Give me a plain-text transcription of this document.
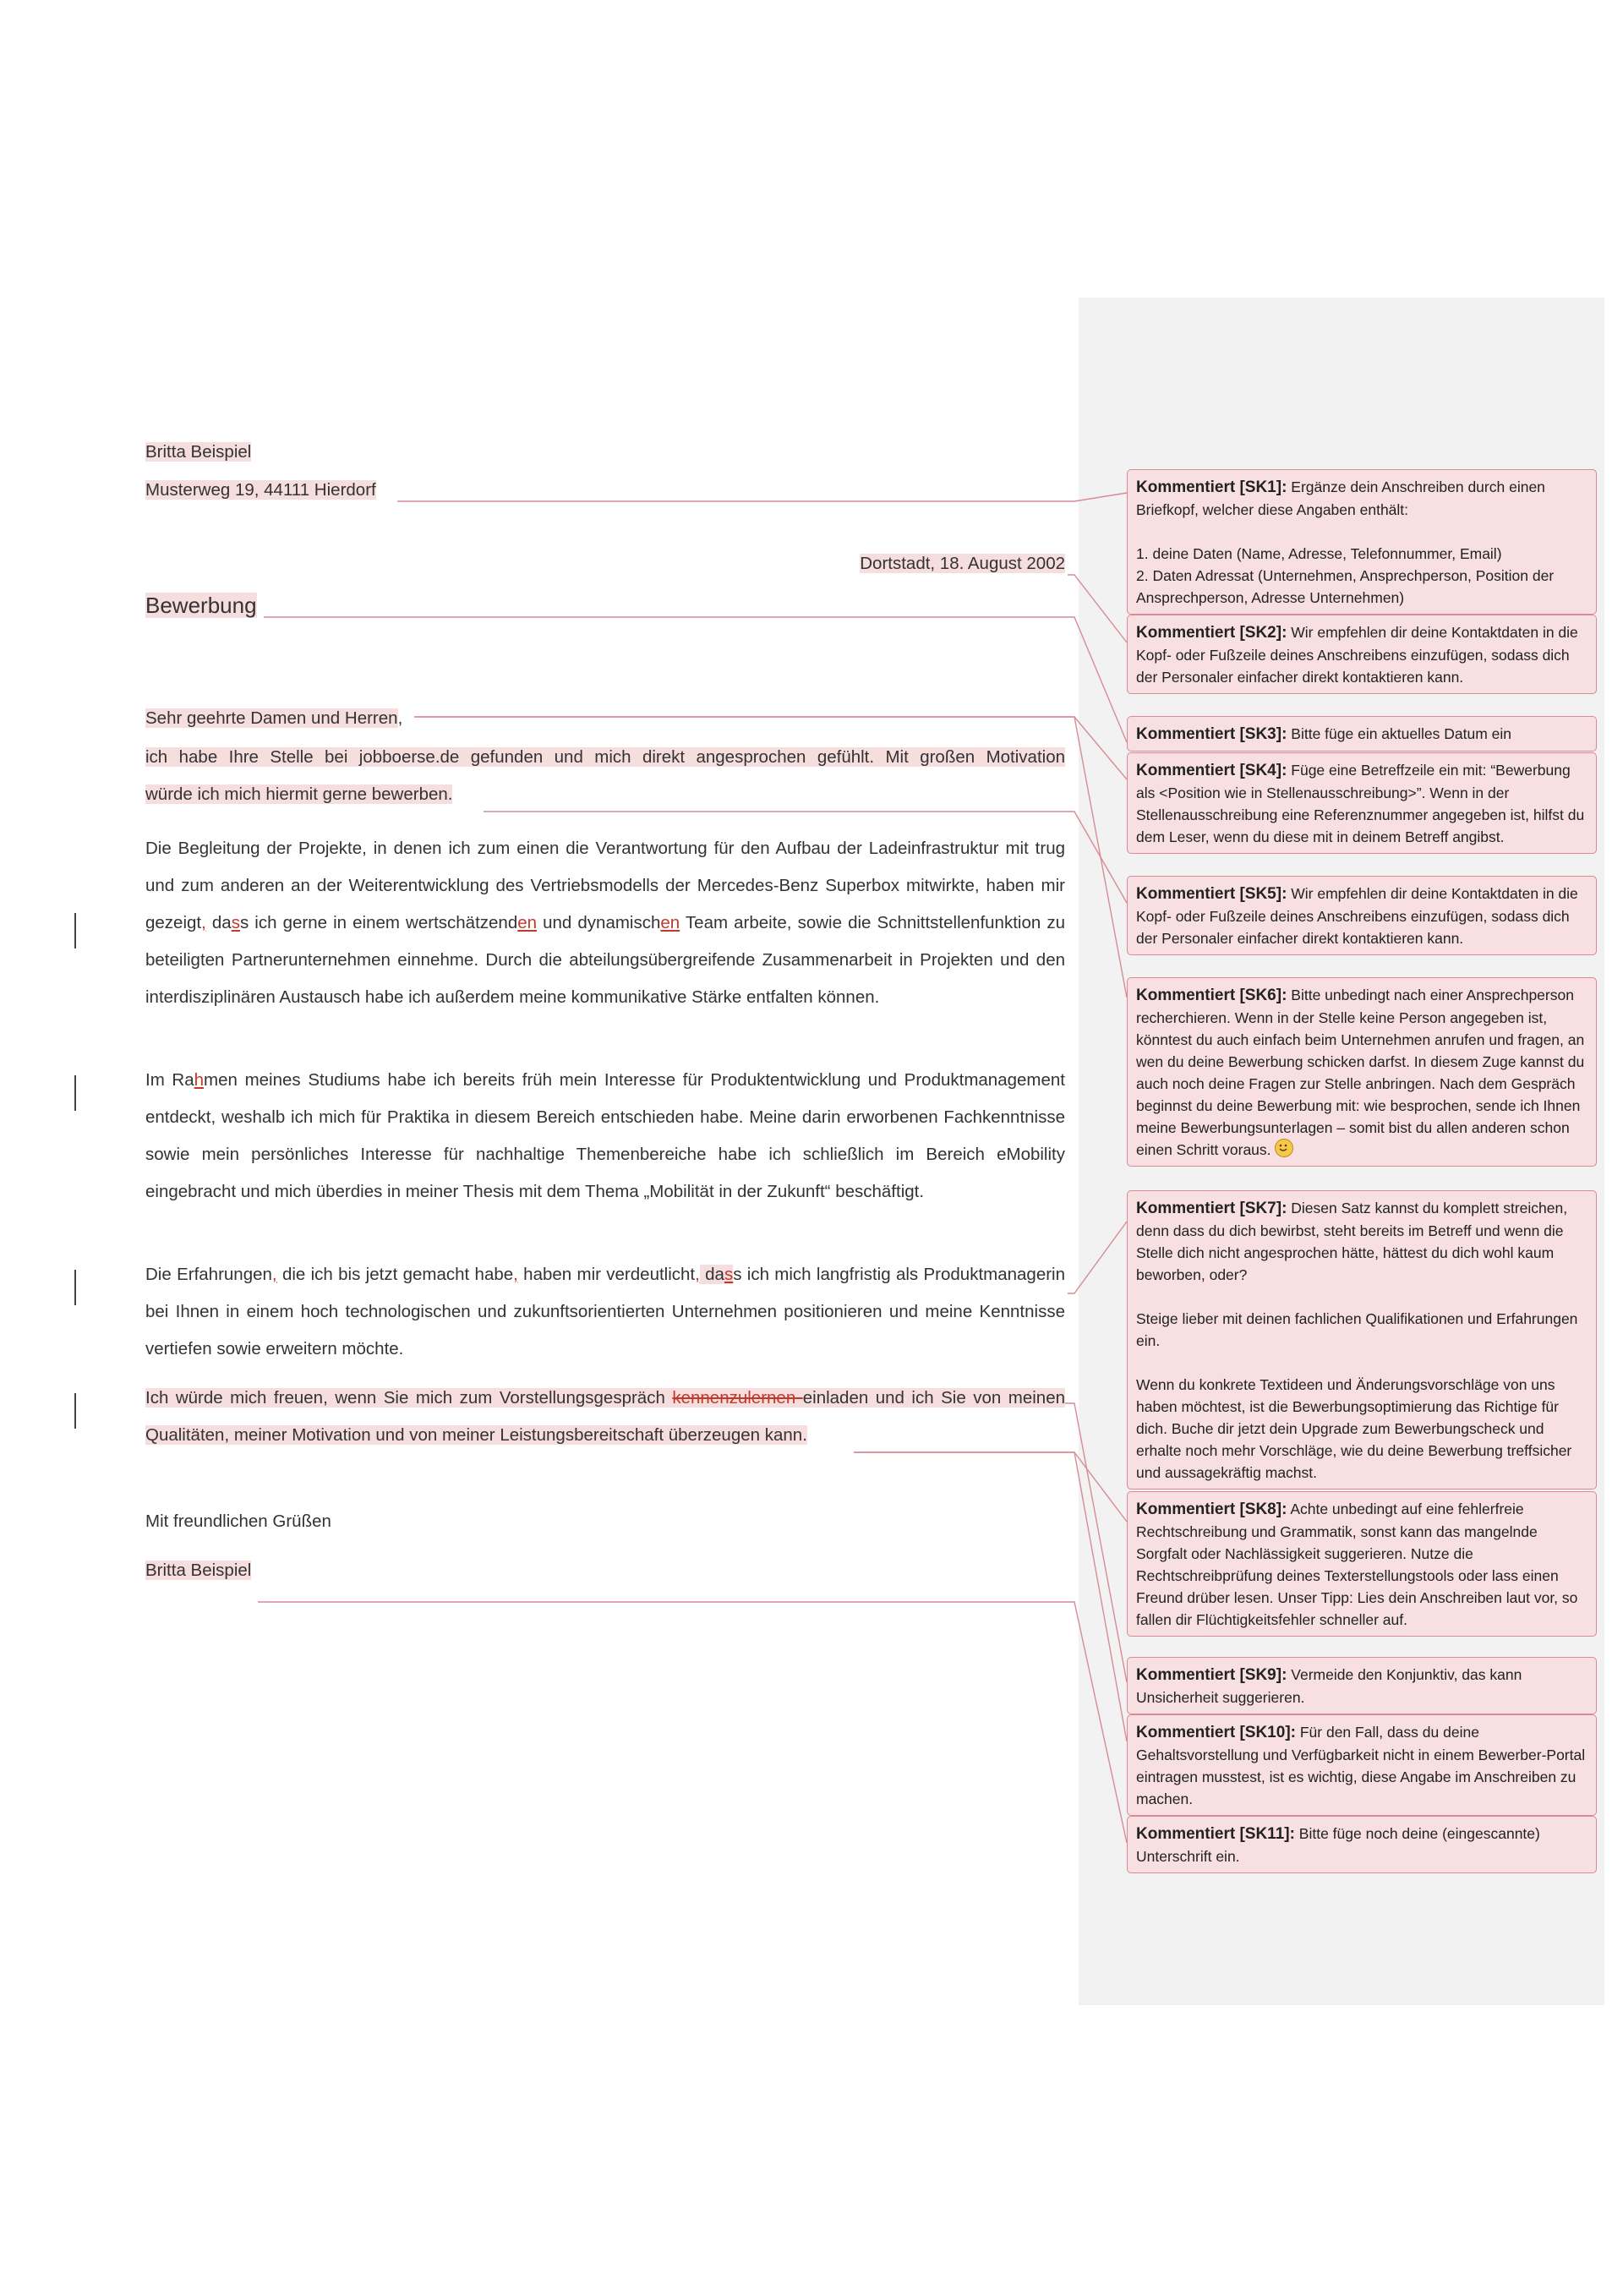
Britta Beispiel
Musterweg 19, 44111 Hierdorf
Dortstadt, 18. August 2002
Bewerbung
Sehr geehrte Damen und Herren,

ich habe Ihre Stelle bei jobboerse.de gefunden und mich direkt angesprochen gefühlt. Mit großen Motivation

würde ich mich hiermit gerne bewerben.

Die Begleitung der Projekte, in denen ich zum einen die Verantwortung für den Aufbau der Ladeinfrastruktur mit trug und zum anderen an der Weiterentwicklung des Vertriebsmodells der Mercedes-Benz Superbox mitwirkte, haben mir gezeigt, dass ich gerne in einem wertschätzenden und dynamischen Team arbeite, sowie die Schnittstellenfunktion zu beteiligten Partnerunternehmen einnehme. Durch die abteilungsübergreifende Zusammenarbeit in Projekten und den interdisziplinären Austausch habe ich außerdem meine kommunikative Stärke entfalten können.

Im Rahmen meines Studiums habe ich bereits früh mein Interesse für Produktentwicklung und Produktmanagement entdeckt, weshalb ich mich für Praktika in diesem Bereich entschieden habe. Meine darin erworbenen Fachkenntnisse sowie mein persönliches Interesse für nachhaltige Themenbereiche habe ich schließlich im Bereich eMobility eingebracht und mich überdies in meiner Thesis mit dem Thema „Mobilität in der Zukunft“ beschäftigt.

Die Erfahrungen, die ich bis jetzt gemacht habe, haben mir verdeutlicht, dass ich mich langfristig als Produktmanagerin bei Ihnen in einem hoch technologischen und zukunftsorientierten Unternehmen positionieren und meine Kenntnisse vertiefen sowie erweitern möchte.

Ich würde mich freuen, wenn Sie mich zum Vorstellungsgespräch kennenzulernen einladen und ich Sie von meinen Qualitäten, meiner Motivation und von meiner Leistungsbereitschaft überzeugen kann.

Mit freundlichen Grüßen
Britta Beispiel
Kommentiert [SK1]: Ergänze dein Anschreiben durch einen Briefkopf, welcher diese Angaben enthält:
1. deine Daten (Name, Adresse, Telefonnummer, Email)
2. Daten Adressat (Unternehmen, Ansprechperson, Position der Ansprechperson, Adresse Unternehmen)
Kommentiert [SK2]: Wir empfehlen dir deine Kontaktdaten in die Kopf- oder Fußzeile deines Anschreibens einzufügen, sodass dich der Personaler einfacher direkt kontaktieren kann.
Kommentiert [SK3]: Bitte füge ein aktuelles Datum ein
Kommentiert [SK4]: Füge eine Betreffzeile ein mit: “Bewerbung als <Position wie in Stellenausschreibung>”. Wenn in der Stellenausschreibung eine Referenznummer angegeben ist, hilfst du dem Leser, wenn du diese mit in deinem Betreff angibst.
Kommentiert [SK5]: Wir empfehlen dir deine Kontaktdaten in die Kopf- oder Fußzeile deines Anschreibens einzufügen, sodass dich der Personaler einfacher direkt kontaktieren kann.
Kommentiert [SK6]: Bitte unbedingt nach einer Ansprechperson recherchieren. Wenn in der Stelle keine Person angegeben ist, könntest du auch einfach beim Unternehmen anrufen und fragen, an wen du deine Bewerbung schicken darfst. In diesem Zuge kannst du auch noch deine Fragen zur Stelle anbringen. Nach dem Gespräch beginnst du deine Bewerbung mit: wie besprochen, sende ich Ihnen meine Bewerbungsunterlagen – somit bist du allen anderen schon einen Schritt voraus.
Kommentiert [SK7]: Diesen Satz kannst du komplett streichen, denn dass du dich bewirbst, steht bereits im Betreff und wenn die Stelle dich nicht angesprochen hätte, hättest du dich wohl kaum beworben, oder?
Steige lieber mit deinen fachlichen Qualifikationen und Erfahrungen ein.
Wenn du konkrete Textideen und Änderungsvorschläge von uns haben möchtest, ist die Bewerbungsoptimierung das Richtige für dich. Buche dir jetzt dein Upgrade zum Bewerbungscheck und erhalte noch mehr Vorschläge, wie du deine Bewerbung treffsicher und aussagekräftig machst.
Kommentiert [SK8]: Achte unbedingt auf eine fehlerfreie Rechtschreibung und Grammatik, sonst kann das mangelnde Sorgfalt oder Nachlässigkeit suggerieren. Nutze die Rechtschreibprüfung deines Texterstellungstools oder lass einen Freund drüber lesen. Unser Tipp: Lies dein Anschreiben laut vor, so fallen dir Flüchtigkeitsfehler schneller auf.
Kommentiert [SK9]: Vermeide den Konjunktiv, das kann Unsicherheit suggerieren.
Kommentiert [SK10]: Für den Fall, dass du deine Gehaltsvorstellung und Verfügbarkeit nicht in einem Bewerber-Portal eintragen musstest, ist es wichtig, diese Angabe im Anschreiben zu machen.
Kommentiert [SK11]: Bitte füge noch deine (eingescannte) Unterschrift ein.
